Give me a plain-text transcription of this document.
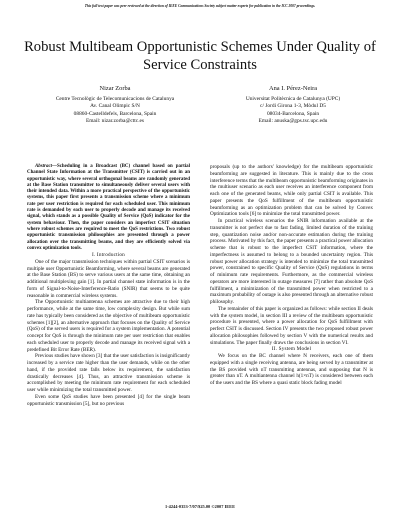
This full text paper was peer reviewed at the direction of IEEE Communications Society subject matter experts for publication in the ICC 2007 proceedings.
Robust Multibeam Opportunistic Schemes Under Quality of Service Constraints
Nizar Zorba
Centre Tecnològic de Telecomunicacions de Catalunya
Av. Canal Olimpic S/N
08860-Castelldefels, Barcelona, Spain
Email: nizar.zorba@cttc.es
Ana I. Pérez-Neira
Universitat Politècnica de Catalunya (UPC)
c/ Jordi Girona 1-3, Mòdul D5
08034-Barcelona, Spain
Email: anuska@gps.tsc.upc.edu

Abstract—Scheduling in a Broadcast (BC) channel based on partial Channel State Information at the Transmitter (CSIT) is carried out in an opportunistic way, where several orthogonal beams are randomly generated at the Base Station transmitter to simultaneously deliver several users with their intended data. Within a more practical perspective of the opportunistic systems, this paper first presents a transmission scheme where a minimum rate per user restriction is required for each scheduled user. This minimum rate is demanded by each user to properly decode and manage its received signal, which stands as a possible Quality of Service (QoS) indicator for the system behaviour. Then, the paper considers an imperfect CSIT situation where robust schemes are required to meet the QoS restrictions. Two robust opportunistic transmission philosophies are presented through a power allocation over the transmitting beams, and they are efficiently solved via convex optimization tools.

I. Introduction

One of the major transmission techniques within partial CSIT scenarios is multiple user Opportunistic Beamforming, where several beams are generated at the Base Station (BS) to serve various users at the same time, obtaining an additional multiplexing gain [1]. In partial channel state information is in the form of Signal-to-Noise-Interference-Ratio (SNIR) that seems to be quite reasonable in commercial wireless systems.

The Opportunistic multiantenna schemes are attractive due to their high performance, while at the same time, low complexity design. But while sum rate has typically been considered as the objective of multibeam opportunistic schemes [1][2], an alternative approach that focuses on the Quality of Service (QoS) of the served users is required for a system implementation. A potential concept for QoS is through the minimum rate per user restriction that enables each scheduled user to properly decode and manage its received signal with a predefined Bit Error Rate (BER).

Previous studies have shown [3] that the user satisfaction is insignificantly increased by a service rate higher than the user demands, while on the other hand, if the provided rate falls below its requirement, the satisfaction drastically decreases [4]. Thus, an attractive transmission scheme is accomplished by meeting the minimum rate requirement for each scheduled user while minimizing the total transmitted power.

Even some QoS studies have been presented [4] for the single beam opportunistic transmission [5], but no previous

proposals (up to the authors' knowledge) for the multibeam opportunistic beamforming are suggested in literature. This is mainly due to the cross interference terms that the multibeam opportunistic beamforming originates in the multiuser scenario as each user receives an interference component from each one of the generated beams, while only partial CSIT is available. This paper presents the QoS fulfillment of the multibeam opportunistic beamforming as an optimization problem that can be solved by Convex Optimization tools [6] to minimize the total transmitted power.

In practical wireless scenarios the SNIR information available at the transmitter is not perfect due to fast fading, limited duration of the training step, quantization noise and/or non-accurate estimation during the training process. Motivated by this fact, the paper presents a practical power allocation scheme that is robust to the imperfect CSIT information, where the imperfectness is assumed to belong to a bounded uncertainty region. This robust power allocation strategy is intended to minimize the total transmitted power, constrained to specific Quality of Service (QoS) regulations in terms of minimum rate requirements. Furthermore, as the commercial wireless operators are more interested in outage measures [7] rather than absolute QoS fulfillment, a minimization of the transmitted power when restricted to a maximum probability of outage is also presented through an alternative robust philosophy.

The remainder of this paper is organized as follows: while section II deals with the system model, in section III a review of the multibeam opportunistic procedure is presented, where a power allocation for QoS fulfillment with perfect CSIT is discussed. Section IV presents the two proposed robust power allocation philosophies followed by section V with the numerical results and simulations. The paper finally draws the conclusions in section VI.

II. System Model

We focus on the BC channel where N receivers, each one of them equipped with a single receiving antenna, are being served by a transmitter at the BS provided with nT transmitting antennas, and supposing that N is greater than nT. A multiantenna channel h(1×nT) is considered between each of the users and the BS where a quasi static block fading model

1-4244-0353-7/07/$25.00 ©2007 IEEE
